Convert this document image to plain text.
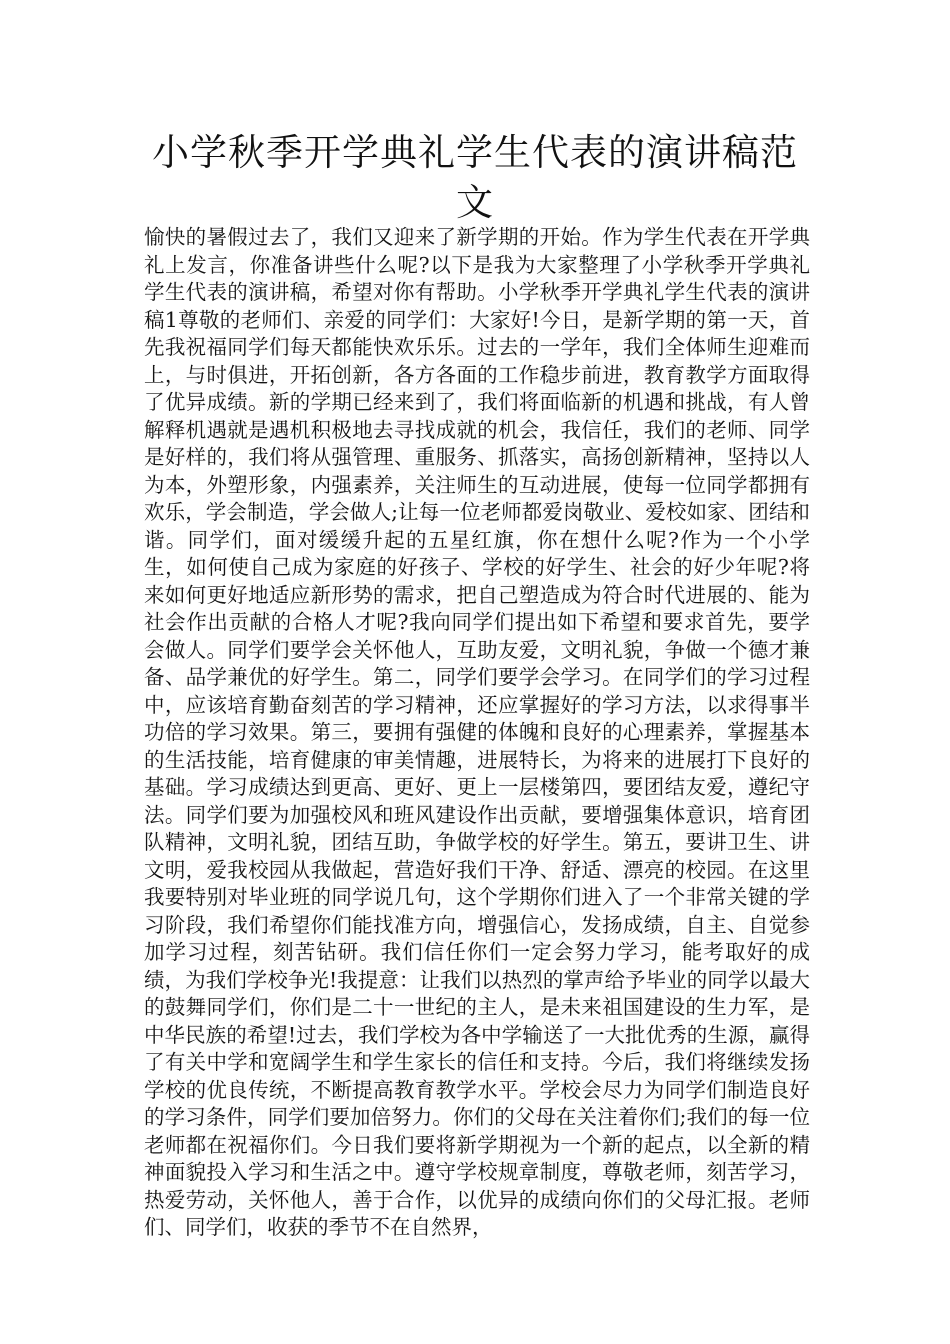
小学秋季开学典礼学生代表的演讲稿范文

愉快的暑假过去了，我们又迎来了新学期的开始。作为学生代表在开学典礼上发言，你准备讲些什么呢?以下是我为大家整理了小学秋季开学典礼学生代表的演讲稿，希望对你有帮助。小学秋季开学典礼学生代表的演讲稿1尊敬的老师们、亲爱的同学们：大家好!今日，是新学期的第一天，首先我祝福同学们每天都能快欢乐乐。过去的一学年，我们全体师生迎难而上，与时俱进，开拓创新，各方各面的工作稳步前进，教育教学方面取得了优异成绩。新的学期已经来到了，我们将面临新的机遇和挑战，有人曾解释机遇就是遇机积极地去寻找成就的机会，我信任，我们的老师、同学是好样的，我们将从强管理、重服务、抓落实，高扬创新精神，坚持以人为本，外塑形象，内强素养，关注师生的互动进展，使每一位同学都拥有欢乐，学会制造，学会做人;让每一位老师都爱岗敬业、爱校如家、团结和谐。同学们，面对缓缓升起的五星红旗，你在想什么呢?作为一个小学生，如何使自己成为家庭的好孩子、学校的好学生、社会的好少年呢?将来如何更好地适应新形势的需求，把自己塑造成为符合时代进展的、能为社会作出贡献的合格人才呢?我向同学们提出如下希望和要求首先，要学会做人。同学们要学会关怀他人，互助友爱，文明礼貌，争做一个德才兼备、品学兼优的好学生。第二，同学们要学会学习。在同学们的学习过程中，应该培育勤奋刻苦的学习精神，还应掌握好的学习方法，以求得事半功倍的学习效果。第三，要拥有强健的体魄和良好的心理素养，掌握基本的生活技能，培育健康的审美情趣，进展特长，为将来的进展打下良好的基础。学习成绩达到更高、更好、更上一层楼第四，要团结友爱，遵纪守法。同学们要为加强校风和班风建设作出贡献，要增强集体意识，培育团队精神，文明礼貌，团结互助，争做学校的好学生。第五，要讲卫生、讲文明，爱我校园从我做起，营造好我们干净、舒适、漂亮的校园。在这里我要特别对毕业班的同学说几句，这个学期你们进入了一个非常关键的学习阶段，我们希望你们能找准方向，增强信心，发扬成绩，自主、自觉参加学习过程，刻苦钻研。我们信任你们一定会努力学习，能考取好的成绩，为我们学校争光!我提意：让我们以热烈的掌声给予毕业的同学以最大的鼓舞同学们，你们是二十一世纪的主人，是未来祖国建设的生力军，是中华民族的希望!过去，我们学校为各中学输送了一大批优秀的生源，赢得了有关中学和宽阔学生和学生家长的信任和支持。今后，我们将继续发扬学校的优良传统，不断提高教育教学水平。学校会尽力为同学们制造良好的学习条件，同学们要加倍努力。你们的父母在关注着你们;我们的每一位老师都在祝福你们。今日我们要将新学期视为一个新的起点，以全新的精神面貌投入学习和生活之中。遵守学校规章制度，尊敬老师，刻苦学习，热爱劳动，关怀他人，善于合作，以优异的成绩向你们的父母汇报。老师们、同学们，收获的季节不在自然界，
